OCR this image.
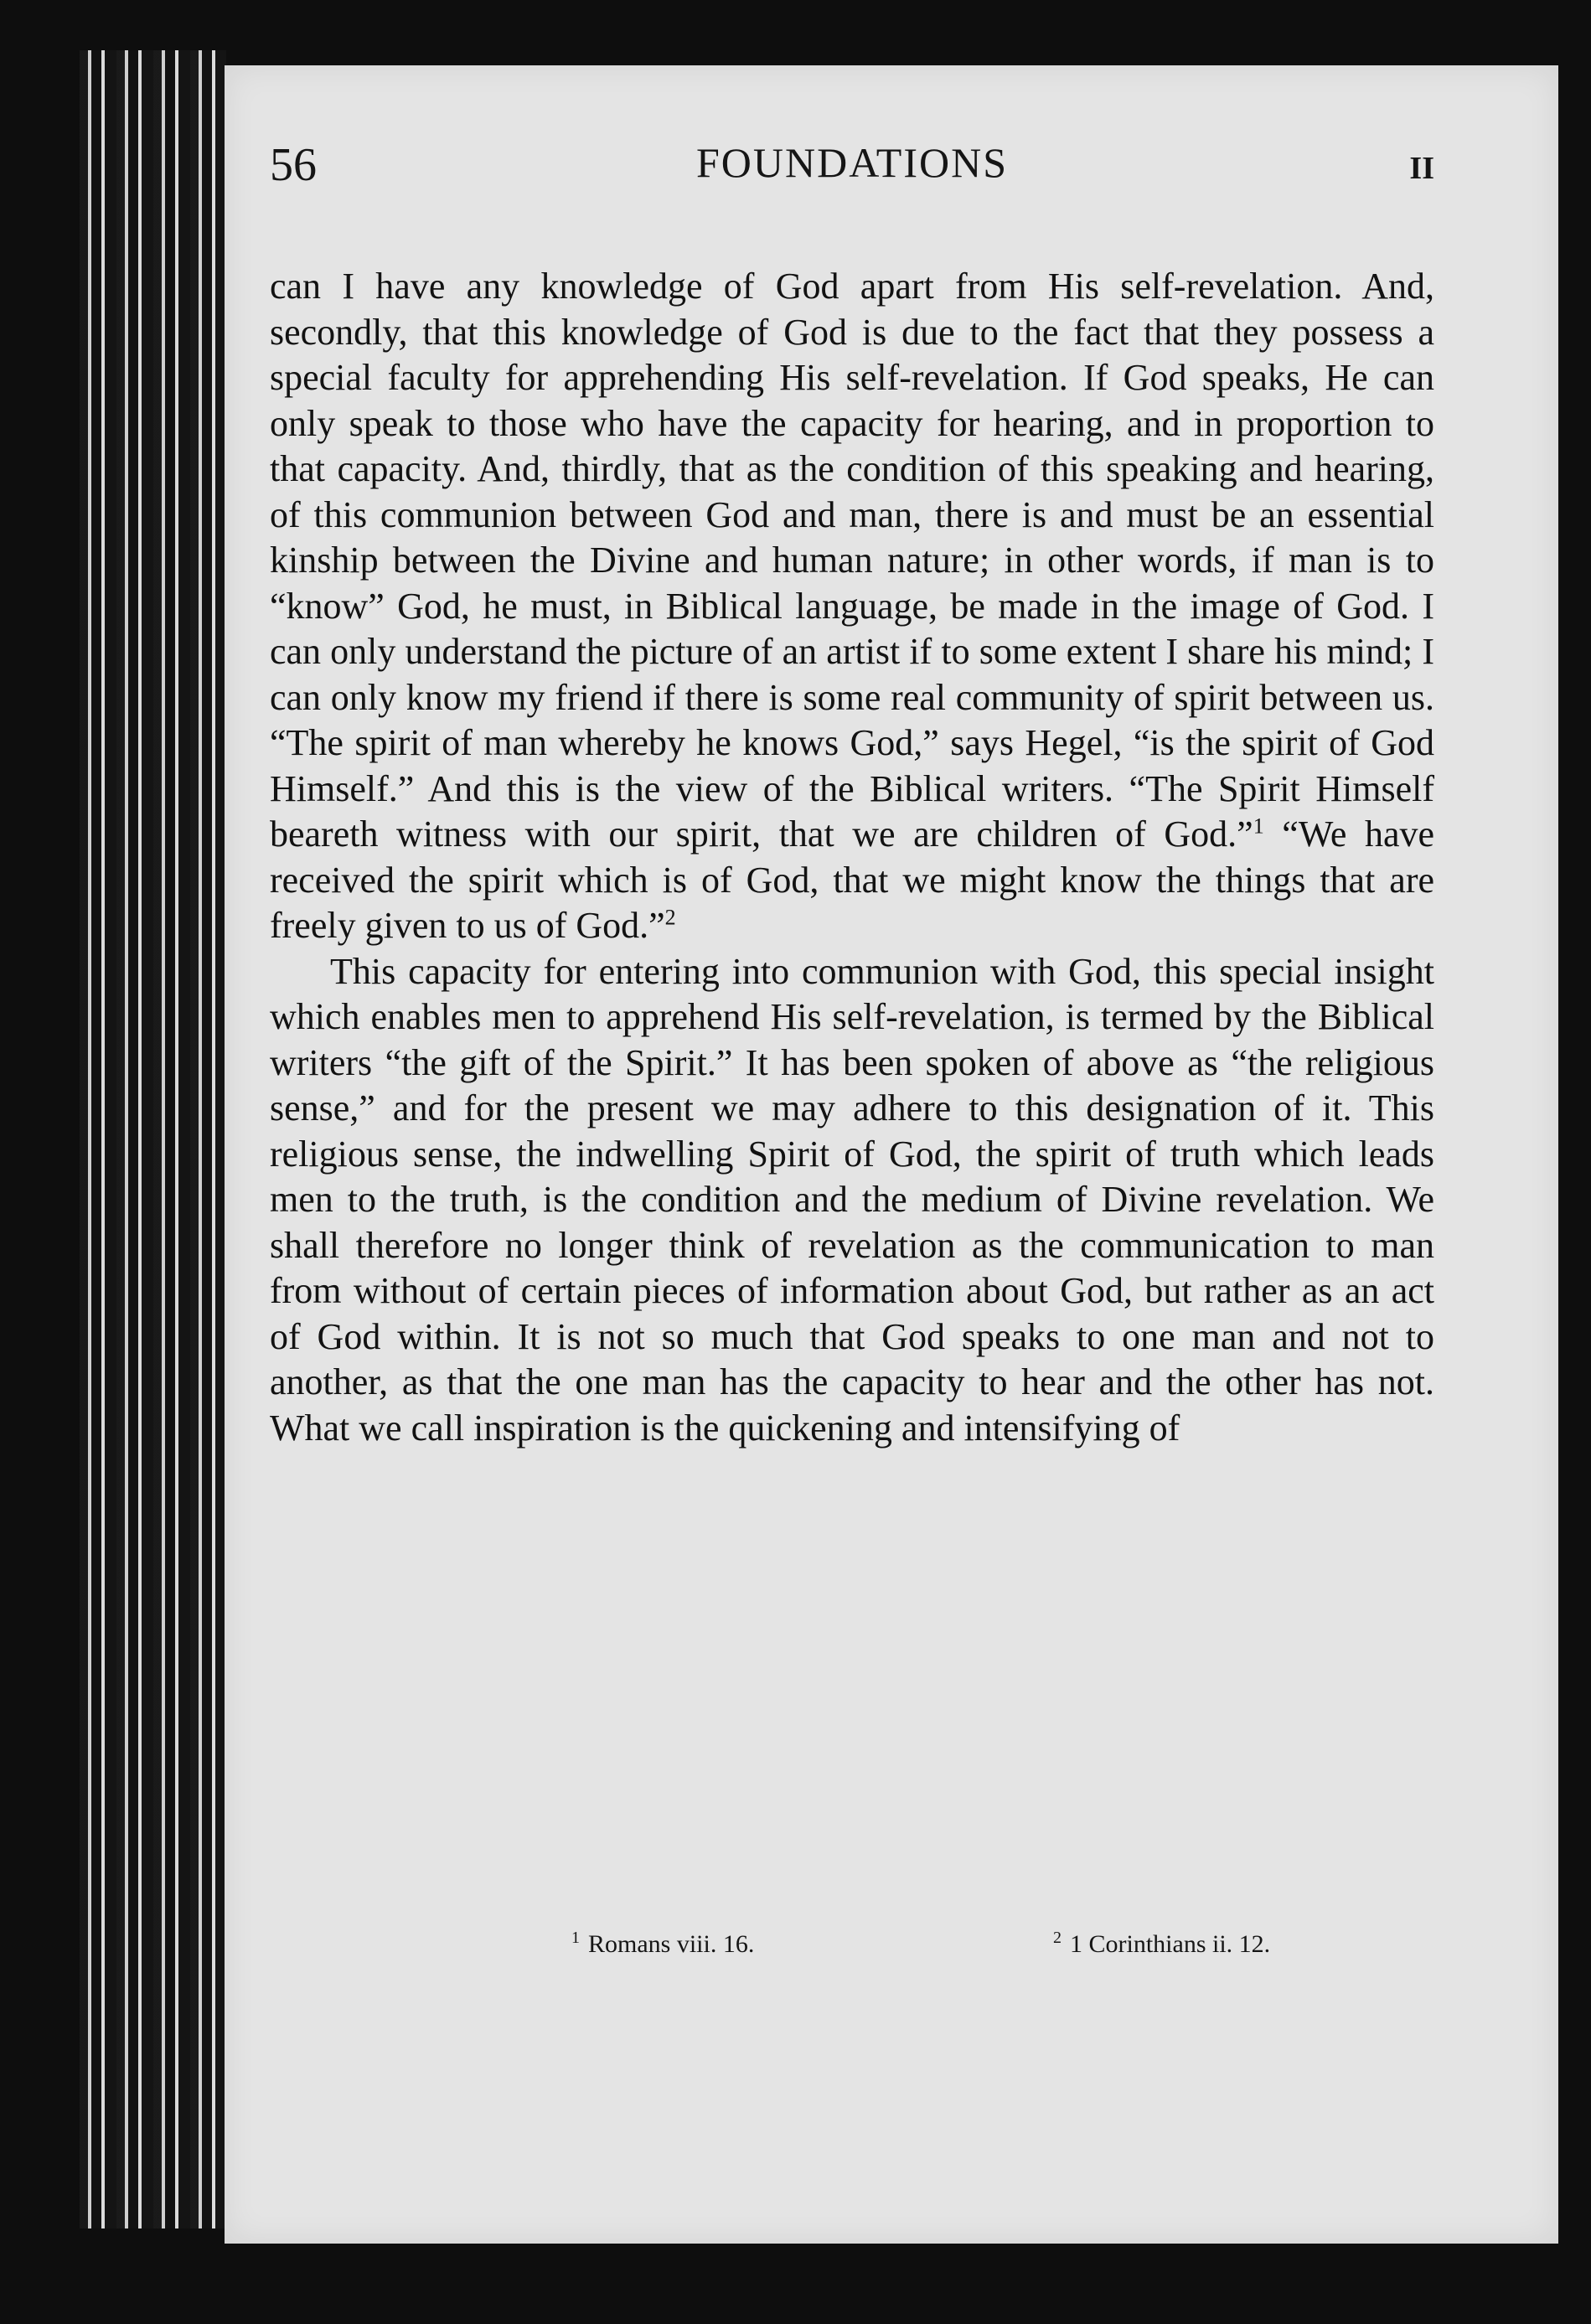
56	FOUNDATIONS	II

can I have any knowledge of God apart from His self-revelation. And, secondly, that this knowledge of God is due to the fact that they possess a special faculty for apprehending His self-revelation. If God speaks, He can only speak to those who have the capacity for hearing, and in proportion to that capacity. And, thirdly, that as the condition of this speaking and hearing, of this communion between God and man, there is and must be an essential kinship between the Divine and human nature; in other words, if man is to “know” God, he must, in Biblical language, be made in the image of God. I can only understand the picture of an artist if to some extent I share his mind; I can only know my friend if there is some real community of spirit between us. “The spirit of man whereby he knows God,” says Hegel, “is the spirit of God Himself.” And this is the view of the Biblical writers. “The Spirit Himself beareth witness with our spirit, that we are children of God.”$^1$ “We have received the spirit which is of God, that we might know the things that are freely given to us of God.”$^2$

This capacity for entering into communion with God, this special insight which enables men to apprehend His self-revelation, is termed by the Biblical writers “the gift of the Spirit.” It has been spoken of above as “the religious sense,” and for the present we may adhere to this designation of it. This religious sense, the indwelling Spirit of God, the spirit of truth which leads men to the truth, is the condition and the medium of Divine revelation. We shall therefore no longer think of revelation as the communication to man from without of certain pieces of information about God, but rather as an act of God within. It is not so much that God speaks to one man and not to another, as that the one man has the capacity to hear and the other has not. What we call inspiration is the quickening and intensifying of

$^1$ Romans viii. 16.	$^2$ 1 Corinthians ii. 12.
